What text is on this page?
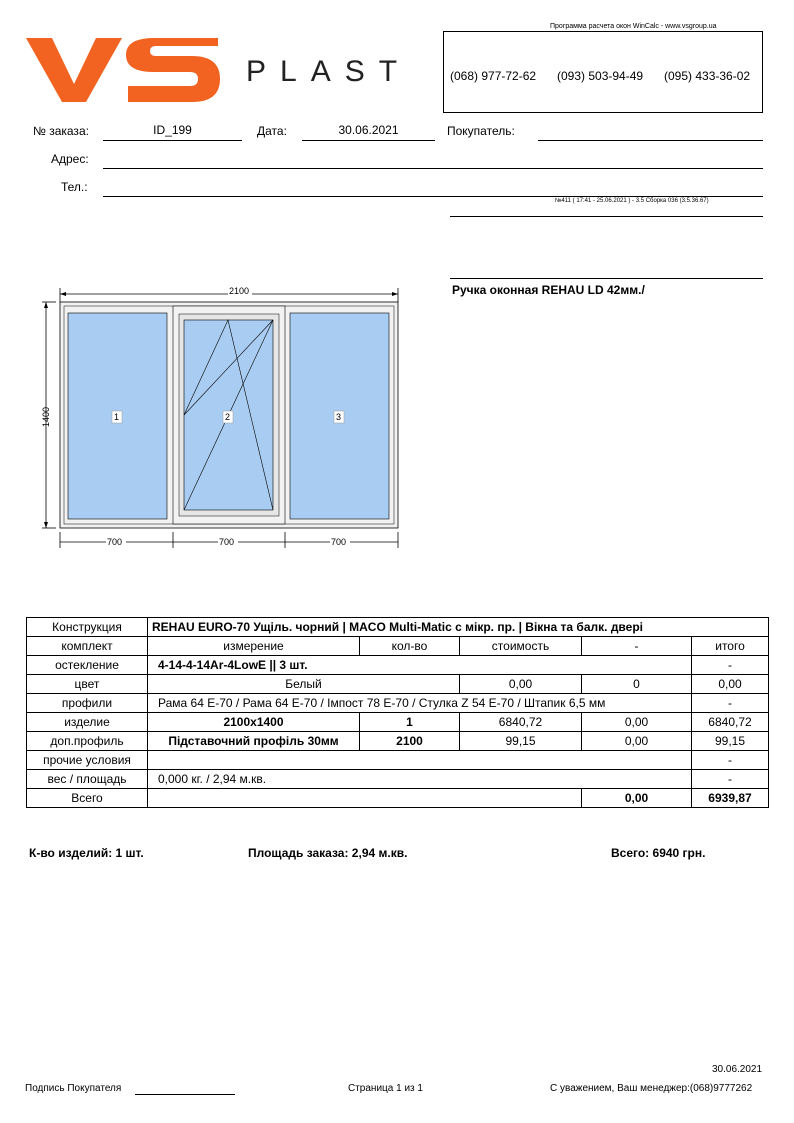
Программа расчета окон WinCalc - www.vsgroup.ua
PLAST	(068) 977-72-62 (093) 503-94-49 (095) 433-36-02
№ заказа:	ID_199	Дата:	30.06.2021	Покупатель:
Адрес:
Тел.:
№411 ( 17:41 - 25.06.2021 ) - 3.5 Сборка 036 (3.5.36.67)
Ручка оконная REHAU LD 42мм./
2100
1400
700	700	700
1	2	3
Конструкция	REHAU EURO-70 Ущіль. чорний | MACO Multi-Matic с мікр. пр. | Вікна та балк. двері				
комплект	измерение	кол-во	стоимость	-	итого
остекление	4-14-4-14Ar-4LowE || 3 шт.				-
цвет	Белый		0,00	0	0,00
профили	Рама 64 Е-70 / Рама 64 Е-70 / Імпост 78 Е-70 / Стулка Z 54 Е-70 / Штапик 6,5 мм				-
изделие	2100x1400	1	6840,72	0,00	6840,72
доп.профиль	Підставочний профіль 30мм	2100	99,15	0,00	99,15
прочие условия					-
вес / площадь	0,000 кг. / 2,94 м.кв.				-
Всего				0,00	6939,87
К-во изделий: 1 шт.	Площадь заказа: 2,94 м.кв.	Всего: 6940 грн.
30.06.2021
Подпись Покупателя	Страница 1 из 1	С уважением, Ваш менеджер:(068)9777262
